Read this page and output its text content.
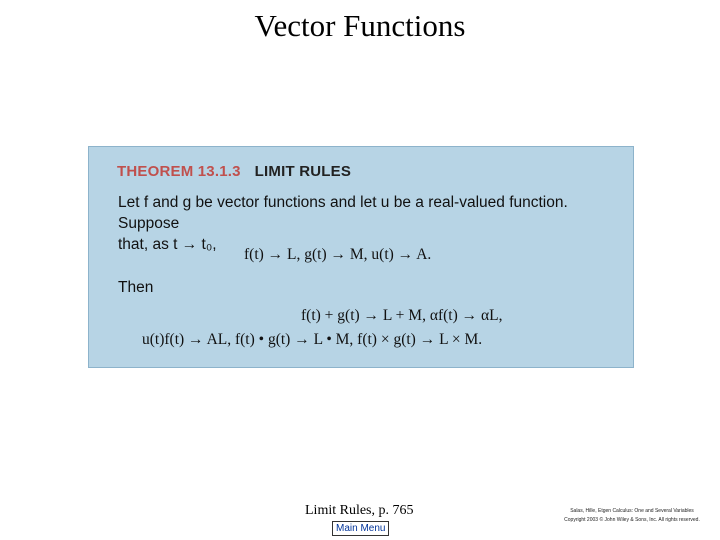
Vector Functions
THEOREM 13.1.3 LIMIT RULES

Let f and g be vector functions and let u be a real-valued function. Suppose

that, as t → t₀,

f(t) → L, g(t) → M, u(t) → A.
Then
f(t) + g(t) → L + M, αf(t) → αL,
u(t)f(t) → AL, f(t) • g(t) → L • M, f(t) × g(t) → L × M.
Limit Rules, p. 765
Main Menu
Salas, Hille, Etgen Calculus: One and Several Variables
Copyright 2003 © John Wiley & Sons, Inc. All rights reserved.
